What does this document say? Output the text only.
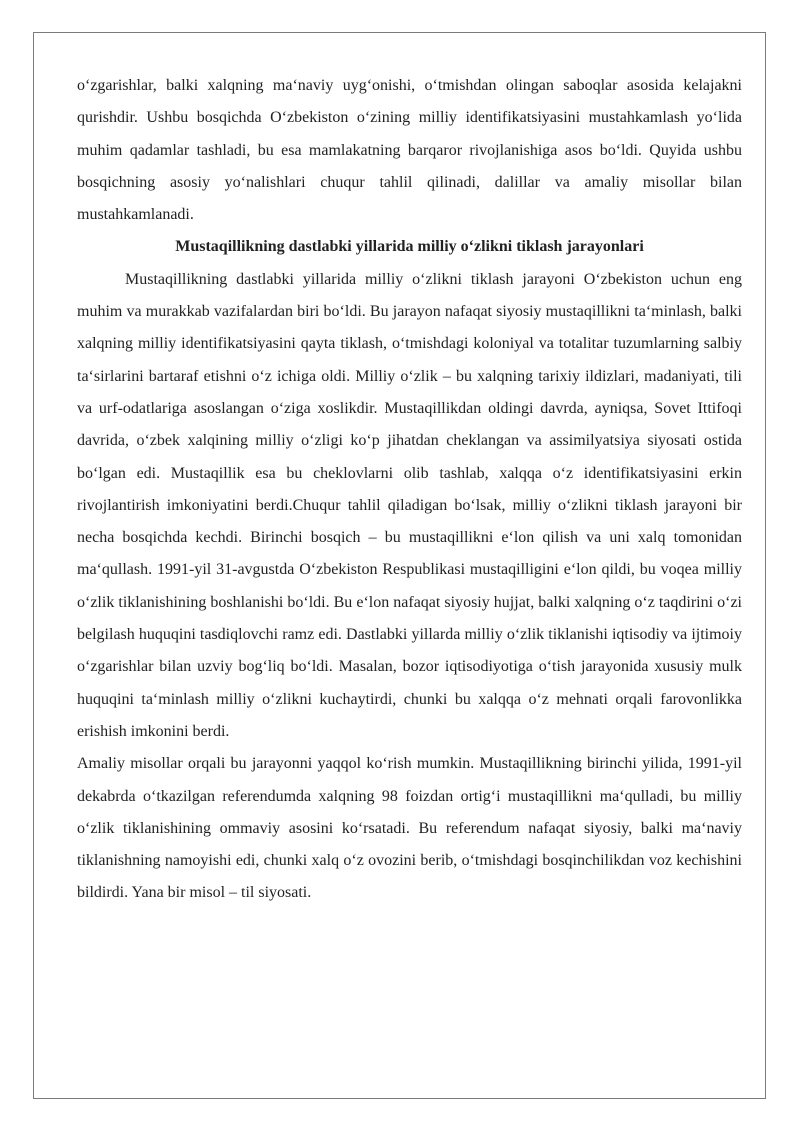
o‘zgarishlar, balki xalqning ma‘naviy uyg‘onishi, o‘tmishdan olingan saboqlar asosida kelajakni qurishdir. Ushbu bosqichda O‘zbekiston o‘zining milliy identifikatsiyasini mustahkamlash yo‘lida muhim qadamlar tashladi, bu esa mamlakatning barqaror rivojlanishiga asos bo‘ldi. Quyida ushbu bosqichning asosiy yo‘nalishlari chuqur tahlil qilinadi, dalillar va amaliy misollar bilan mustahkamlanadi.

Mustaqillikning dastlabki yillarida milliy o‘zlikni tiklash jarayonlari

Mustaqillikning dastlabki yillarida milliy o‘zlikni tiklash jarayoni O‘zbekiston uchun eng muhim va murakkab vazifalardan biri bo‘ldi. Bu jarayon nafaqat siyosiy mustaqillikni ta‘minlash, balki xalqning milliy identifikatsiyasini qayta tiklash, o‘tmishdagi koloniyal va totalitar tuzumlarning salbiy ta‘sirlarini bartaraf etishni o‘z ichiga oldi. Milliy o‘zlik – bu xalqning tarixiy ildizlari, madaniyati, tili va urf-odatlariga asoslangan o‘ziga xoslikdir. Mustaqillikdan oldingi davrda, ayniqsa, Sovet Ittifoqi davrida, o‘zbek xalqining milliy o‘zligi ko‘p jihatdan cheklangan va assimilyatsiya siyosati ostida bo‘lgan edi. Mustaqillik esa bu cheklovlarni olib tashlab, xalqqa o‘z identifikatsiyasini erkin rivojlantirish imkoniyatini berdi.Chuqur tahlil qiladigan bo‘lsak, milliy o‘zlikni tiklash jarayoni bir necha bosqichda kechdi. Birinchi bosqich – bu mustaqillikni e‘lon qilish va uni xalq tomonidan ma‘qullash. 1991-yil 31-avgustda O‘zbekiston Respublikasi mustaqilligini e‘lon qildi, bu voqea milliy o‘zlik tiklanishining boshlanishi bo‘ldi. Bu e‘lon nafaqat siyosiy hujjat, balki xalqning o‘z taqdirini o‘zi belgilash huquqini tasdiqlovchi ramz edi. Dastlabki yillarda milliy o‘zlik tiklanishi iqtisodiy va ijtimoiy o‘zgarishlar bilan uzviy bog‘liq bo‘ldi. Masalan, bozor iqtisodiyotiga o‘tish jarayonida xususiy mulk huquqini ta‘minlash milliy o‘zlikni kuchaytirdi, chunki bu xalqqa o‘z mehnati orqali farovonlikka erishish imkonini berdi.

Amaliy misollar orqali bu jarayonni yaqqol ko‘rish mumkin. Mustaqillikning birinchi yilida, 1991-yil dekabrda o‘tkazilgan referendumda xalqning 98 foizdan ortig‘i mustaqillikni ma‘qulladi, bu milliy o‘zlik tiklanishining ommaviy asosini ko‘rsatadi. Bu referendum nafaqat siyosiy, balki ma‘naviy tiklanishning namoyishi edi, chunki xalq o‘z ovozini berib, o‘tmishdagi bosqinchilikdan voz kechishini bildirdi. Yana bir misol – til siyosati.
